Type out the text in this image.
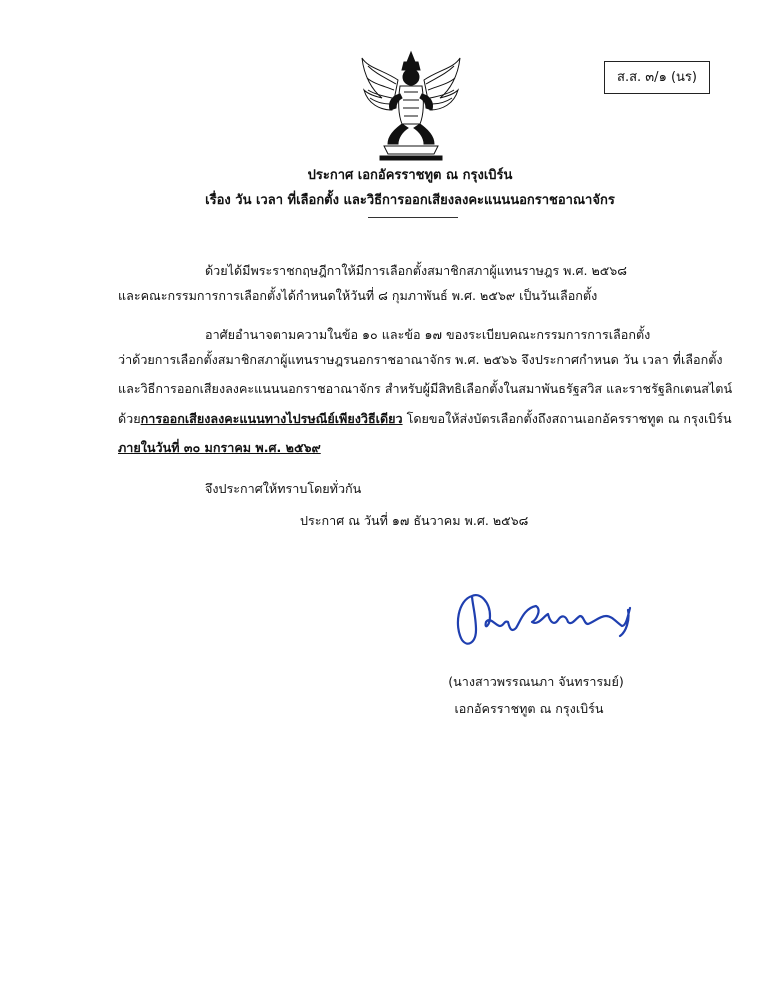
ส.ส. ๓/๑ (นร)
ประกาศ เอกอัครราชทูต ณ กรุงเบิร์น
เรื่อง วัน เวลา ที่เลือกตั้ง และวิธีการออกเสียงลงคะแนนนอกราชอาณาจักร
ด้วยได้มีพระราชกฤษฎีกาให้มีการเลือกตั้งสมาชิกสภาผู้แทนราษฎร พ.ศ. ๒๕๖๘
และคณะกรรมการการเลือกตั้งได้กำหนดให้วันที่ ๘ กุมภาพันธ์ พ.ศ. ๒๕๖๙ เป็นวันเลือกตั้ง
อาศัยอำนาจตามความในข้อ ๑๐ และข้อ ๑๗ ของระเบียบคณะกรรมการการเลือกตั้ง
ว่าด้วยการเลือกตั้งสมาชิกสภาผู้แทนราษฎรนอกราชอาณาจักร พ.ศ. ๒๕๖๖ จึงประกาศกำหนด วัน เวลา ที่เลือกตั้ง
และวิธีการออกเสียงลงคะแนนนอกราชอาณาจักร สำหรับผู้มีสิทธิเลือกตั้งในสมาพันธรัฐสวิส และราชรัฐลิกเตนสไตน์
ด้วยการออกเสียงลงคะแนนทางไปรษณีย์เพียงวิธีเดียว โดยขอให้ส่งบัตรเลือกตั้งถึงสถานเอกอัครราชทูต ณ กรุงเบิร์น
ภายในวันที่ ๓๐ มกราคม พ.ศ. ๒๕๖๙
จึงประกาศให้ทราบโดยทั่วกัน
ประกาศ ณ วันที่ ๑๗ ธันวาคม พ.ศ. ๒๕๖๘
(นางสาวพรรณนภา จันทรารมย์)
เอกอัครราชทูต ณ กรุงเบิร์น
